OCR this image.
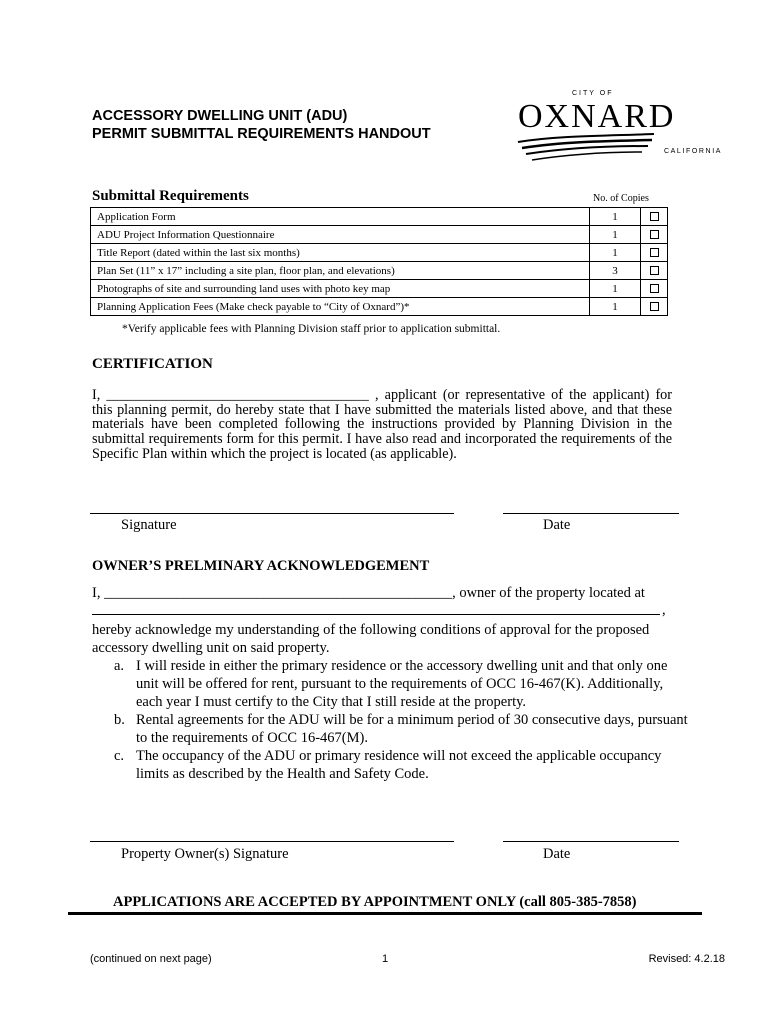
ACCESSORY DWELLING UNIT (ADU)
PERMIT SUBMITTAL REQUIREMENTS HANDOUT
CITY OF
OXNARD
CALIFORNIA
Submittal Requirements	No. of Copies
Application Form	1	
ADU Project Information Questionnaire	1	
Title Report (dated within the last six months)	1	
Plan Set (11” x 17” including a site plan, floor plan, and elevations)	3	
Photographs of site and surrounding land uses with photo key map	1	
Planning Application Fees (Make check payable to “City of Oxnard”)*	1	
*Verify applicable fees with Planning Division staff prior to application submittal.
CERTIFICATION
I, _____________________________________ , applicant (or representative of the applicant) for this planning permit, do hereby state that I have submitted the materials listed above, and that these materials have been completed following the instructions provided by Planning Division in the submittal requirements form for this permit. I have also read and incorporated the requirements of the Specific Plan within which the project is located (as applicable).
Signature	Date
OWNER’S PRELMINARY ACKNOWLEDGEMENT
I, ________________________________________________, owner of the property located at
,
hereby acknowledge my understanding of the following conditions of approval for the proposed accessory dwelling unit on said property.
a. I will reside in either the primary residence or the accessory dwelling unit and that only one unit will be offered for rent, pursuant to the requirements of OCC 16-467(K). Additionally, each year I must certify to the City that I still reside at the property.
b. Rental agreements for the ADU will be for a minimum period of 30 consecutive days, pursuant to the requirements of OCC 16-467(M).
c. The occupancy of the ADU or primary residence will not exceed the applicable occupancy limits as described by the Health and Safety Code.
Property Owner(s) Signature	Date
APPLICATIONS ARE ACCEPTED BY APPOINTMENT ONLY (call 805-385-7858)
(continued on next page)	1	Revised: 4.2.18
